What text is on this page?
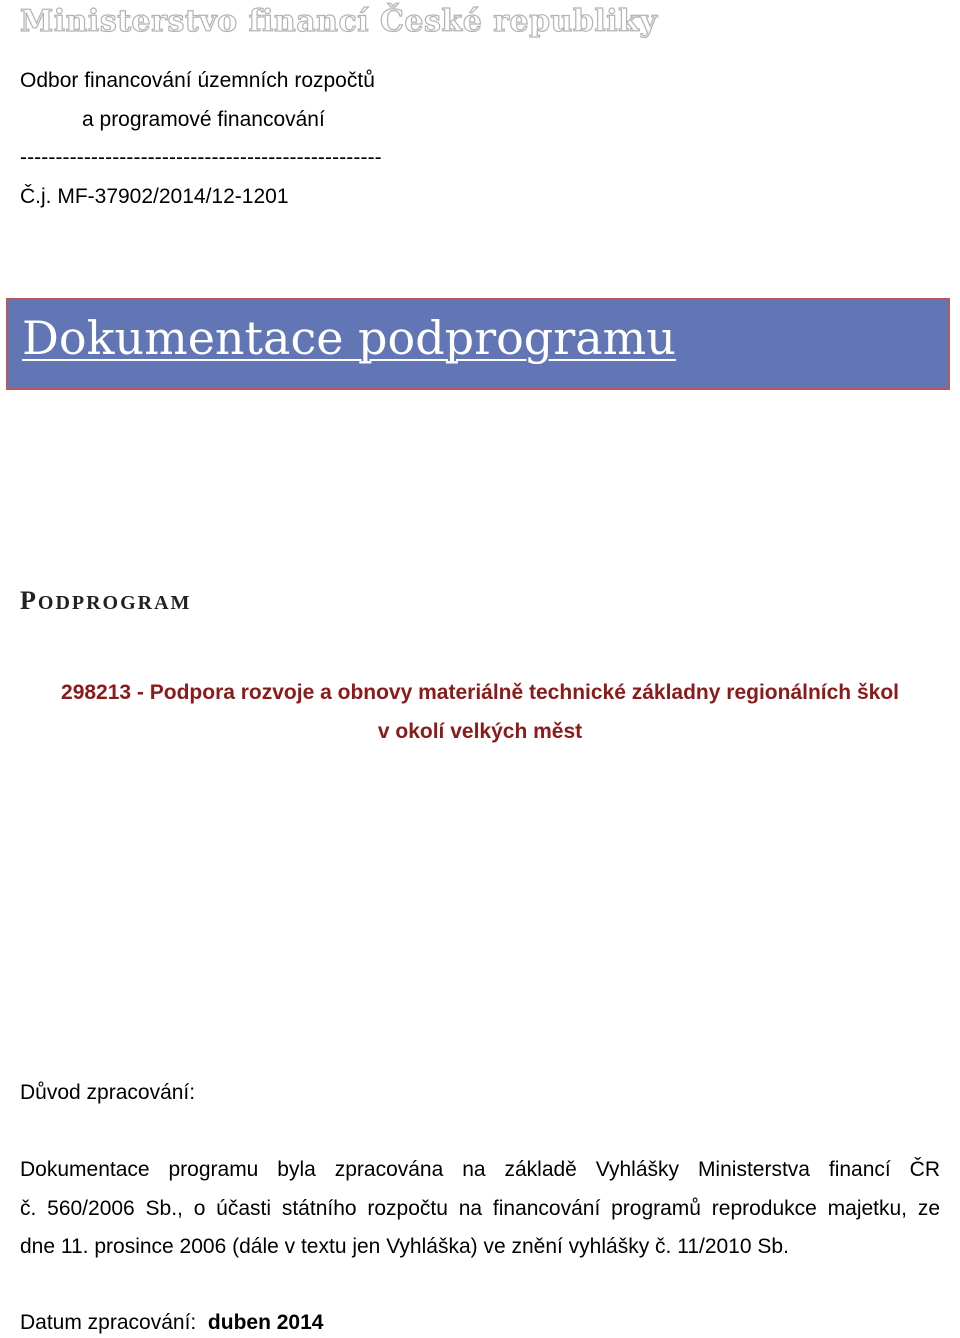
Ministerstvo financí České republiky
Odbor financování územních rozpočtů
a programové financování
---------------------------------------------------
Č.j. MF-37902/2014/12-1201
Dokumentace podprogramu
PODPROGRAM
298213 - Podpora rozvoje a obnovy materiálně technické základny regionálních škol
v okolí velkých měst
Důvod zpracování:
Dokumentace programu byla zpracována na základě Vyhlášky Ministerstva financí ČR
č. 560/2006 Sb., o účasti státního rozpočtu na financování programů reprodukce majetku, ze
dne 11. prosince 2006 (dále v textu jen Vyhláška) ve znění vyhlášky č. 11/2010 Sb.
Datum zpracování: duben 2014
